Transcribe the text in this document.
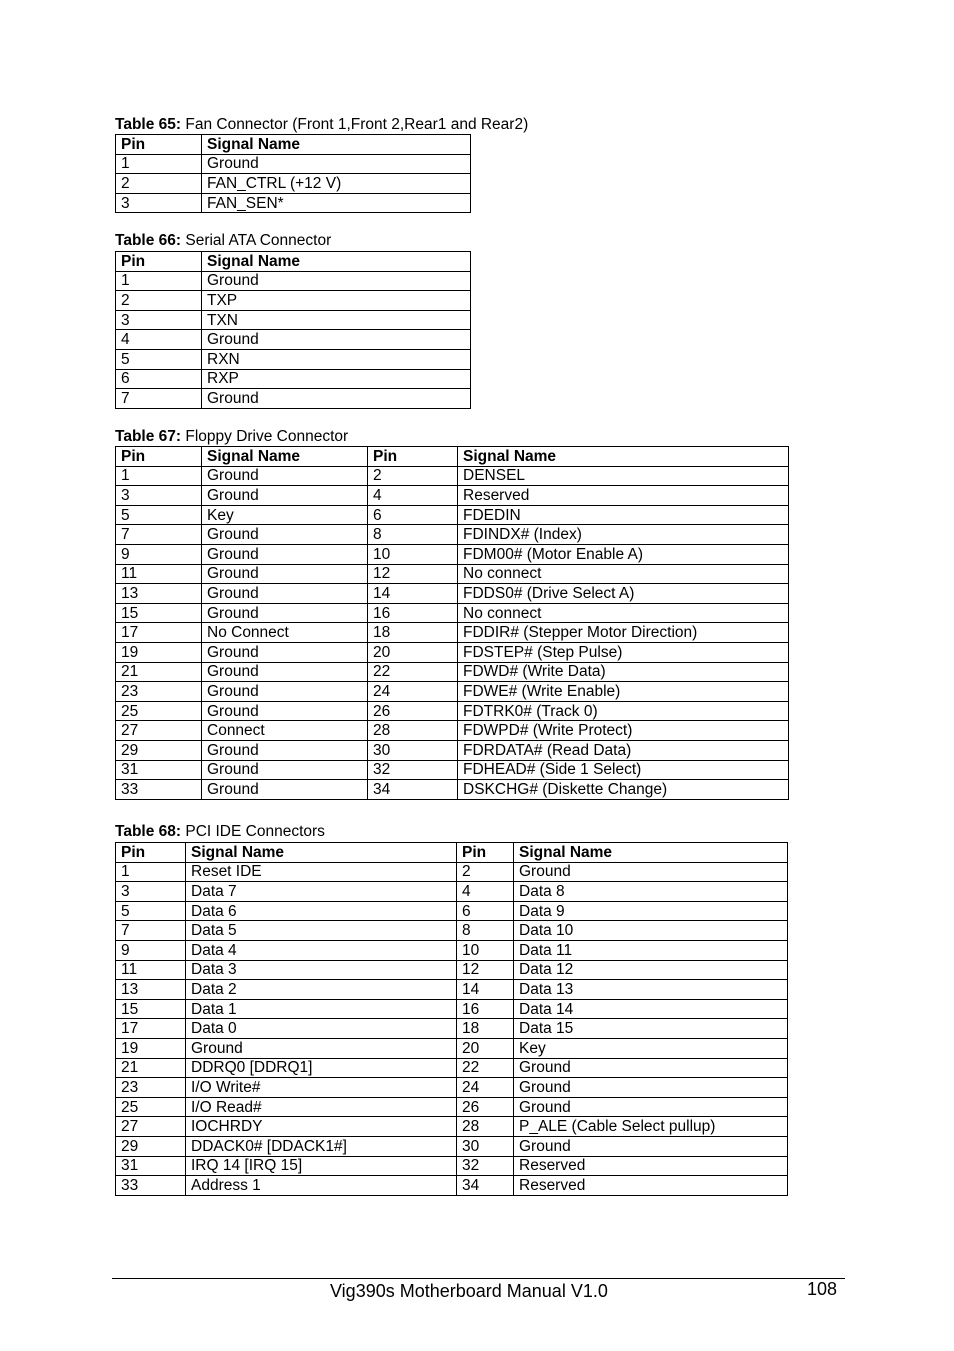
Table 65: Fan Connector (Front 1,Front 2,Rear1 and Rear2)
Pin	Signal Name
1	Ground
2	FAN_CTRL (+12 V)
3	FAN_SEN*
Table 66: Serial ATA Connector
Pin	Signal Name
1	Ground
2	TXP
3	TXN
4	Ground
5	RXN
6	RXP
7	Ground
Table 67: Floppy Drive Connector
Pin	Signal Name	Pin	Signal Name
1	Ground	2	DENSEL
3	Ground	4	Reserved
5	Key	6	FDEDIN
7	Ground	8	FDINDX# (Index)
9	Ground	10	FDM00# (Motor Enable A)
11	Ground	12	No connect
13	Ground	14	FDDS0# (Drive Select A)
15	Ground	16	No connect
17	No Connect	18	FDDIR# (Stepper Motor Direction)
19	Ground	20	FDSTEP# (Step Pulse)
21	Ground	22	FDWD# (Write Data)
23	Ground	24	FDWE# (Write Enable)
25	Ground	26	FDTRK0# (Track 0)
27	Connect	28	FDWPD# (Write Protect)
29	Ground	30	FDRDATA# (Read Data)
31	Ground	32	FDHEAD# (Side 1 Select)
33	Ground	34	DSKCHG# (Diskette Change)
Table 68: PCI IDE Connectors
Pin	Signal Name	Pin	Signal Name
1	Reset IDE	2	Ground
3	Data 7	4	Data 8
5	Data 6	6	Data 9
7	Data 5	8	Data 10
9	Data 4	10	Data 11
11	Data 3	12	Data 12
13	Data 2	14	Data 13
15	Data 1	16	Data 14
17	Data 0	18	Data 15
19	Ground	20	Key
21	DDRQ0 [DDRQ1]	22	Ground
23	I/O Write#	24	Ground
25	I/O Read#	26	Ground
27	IOCHRDY	28	P_ALE (Cable Select pullup)
29	DDACK0# [DDACK1#]	30	Ground
31	IRQ 14 [IRQ 15]	32	Reserved
33	Address 1	34	Reserved
Vig390s Motherboard Manual V1.0	108
